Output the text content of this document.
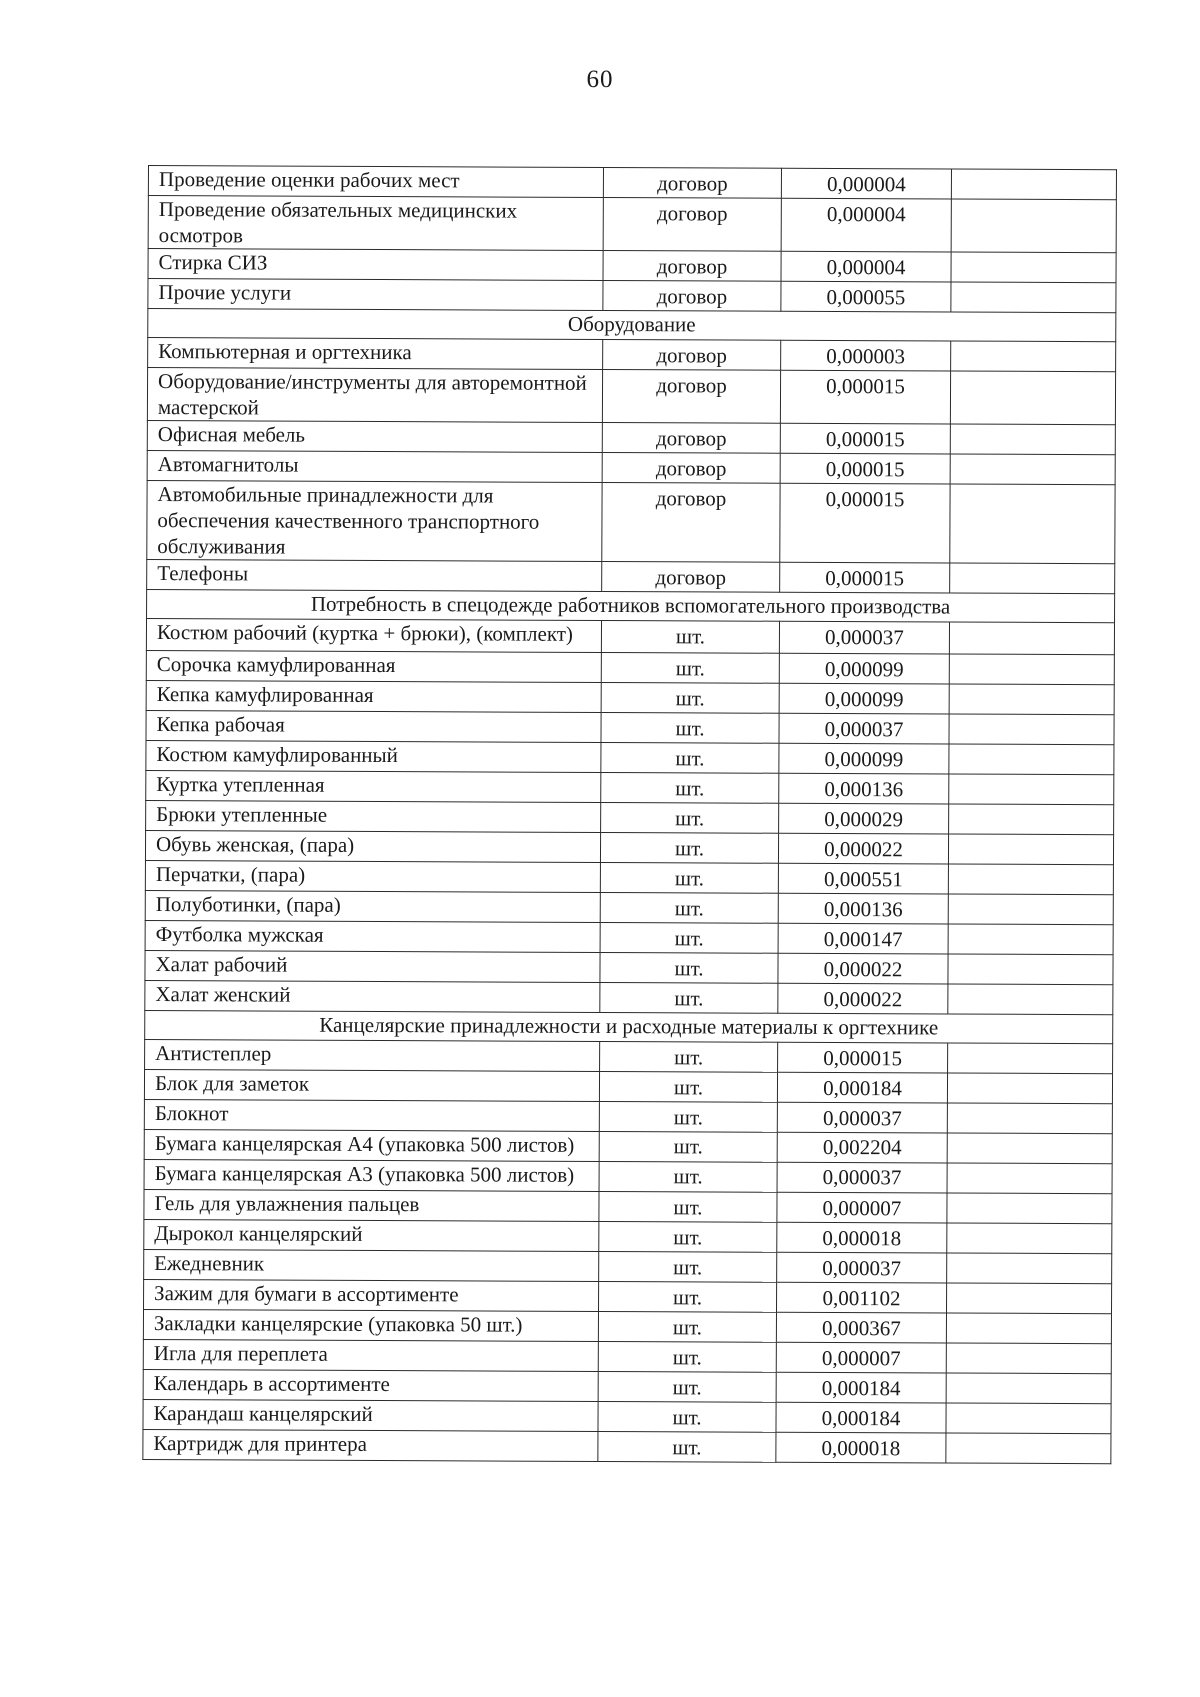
60
Проведение оценки рабочих мест	договор	0,000004	
Проведение обязательных медицинских осмотров	договор	0,000004	
Стирка СИЗ	договор	0,000004	
Прочие услуги	договор	0,000055	
Оборудование			
Компьютерная и оргтехника	договор	0,000003	
Оборудование/инструменты для авторемонтной мастерской	договор	0,000015	
Офисная мебель	договор	0,000015	
Автомагнитолы	договор	0,000015	
Автомобильные принадлежности для обеспечения качественного транспортного обслуживания	договор	0,000015	
Телефоны	договор	0,000015	
Потребность в спецодежде работников вспомогательного производства			
Костюм рабочий (куртка + брюки), (комплект)	шт.	0,000037	
Сорочка камуфлированная	шт.	0,000099	
Кепка камуфлированная	шт.	0,000099	
Кепка рабочая	шт.	0,000037	
Костюм камуфлированный	шт.	0,000099	
Куртка утепленная	шт.	0,000136	
Брюки утепленные	шт.	0,000029	
Обувь женская, (пара)	шт.	0,000022	
Перчатки, (пара)	шт.	0,000551	
Полуботинки, (пара)	шт.	0,000136	
Футболка мужская	шт.	0,000147	
Халат рабочий	шт.	0,000022	
Халат женский	шт.	0,000022	
Канцелярские принадлежности и расходные материалы к оргтехнике			
Антистеплер	шт.	0,000015	
Блок для заметок	шт.	0,000184	
Блокнот	шт.	0,000037	
Бумага канцелярская А4 (упаковка 500 листов)	шт.	0,002204	
Бумага канцелярская А3 (упаковка 500 листов)	шт.	0,000037	
Гель для увлажнения пальцев	шт.	0,000007	
Дырокол канцелярский	шт.	0,000018	
Ежедневник	шт.	0,000037	
Зажим для бумаги в ассортименте	шт.	0,001102	
Закладки канцелярские (упаковка 50 шт.)	шт.	0,000367	
Игла для переплета	шт.	0,000007	
Календарь в ассортименте	шт.	0,000184	
Карандаш канцелярский	шт.	0,000184	
Картридж для принтера	шт.	0,000018	
